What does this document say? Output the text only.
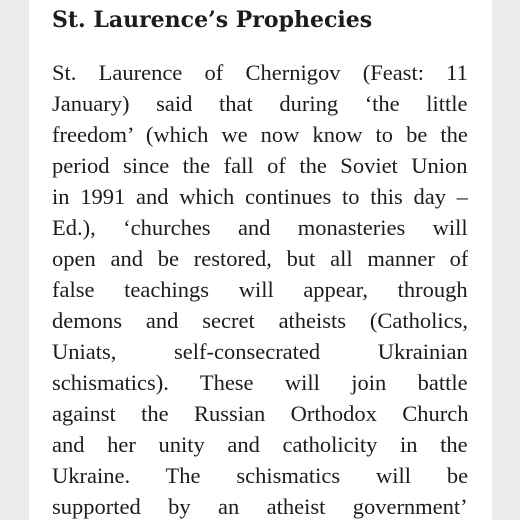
St. Laurence’s Prophecies
St. Laurence of Chernigov (Feast: 11
January) said that during ‘the little
freedom’ (which we now know to be the
period since the fall of the Soviet Union
in 1991 and which continues to this day –
Ed.), ‘churches and monasteries will
open and be restored, but all manner of
false teachings will appear, through
demons and secret atheists (Catholics,
Uniats, self-consecrated Ukrainian
schismatics). These will join battle
against the Russian Orthodox Church
and her unity and catholicity in the
Ukraine. The schismatics will be
supported by an atheist government’
